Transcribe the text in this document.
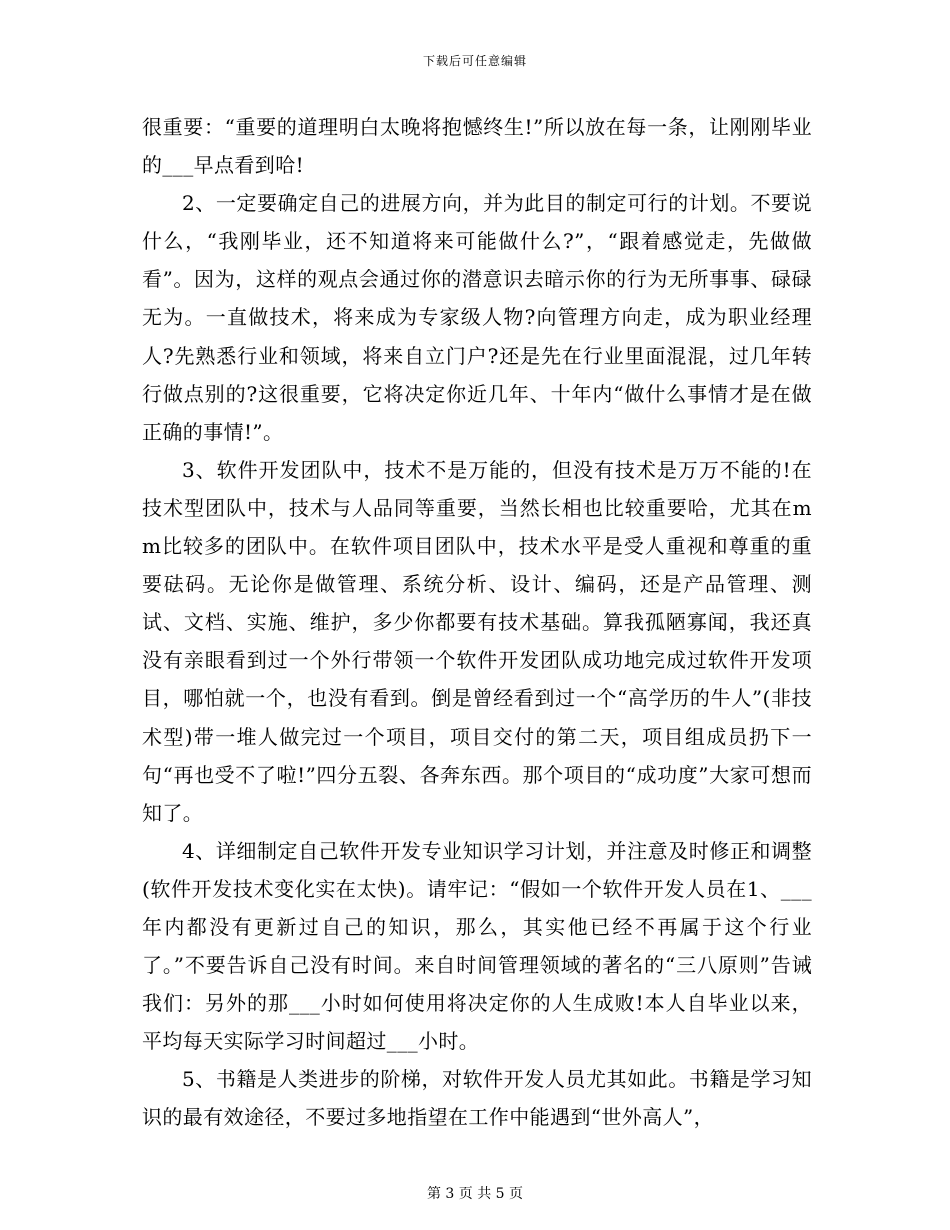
下载后可任意编辑

很重要：“重要的道理明白太晚将抱憾终生!”所以放在每一条，让刚刚毕业的___早点看到哈!

2、一定要确定自己的进展方向，并为此目的制定可行的计划。不要说什么，“我刚毕业，还不知道将来可能做什么?”，“跟着感觉走，先做做看”。因为，这样的观点会通过你的潜意识去暗示你的行为无所事事、碌碌无为。一直做技术，将来成为专家级人物?向管理方向走，成为职业经理人?先熟悉行业和领域，将来自立门户?还是先在行业里面混混，过几年转行做点别的?这很重要，它将决定你近几年、十年内“做什么事情才是在做正确的事情!”。

3、软件开发团队中，技术不是万能的，但没有技术是万万不能的!在技术型团队中，技术与人品同等重要，当然长相也比较重要哈，尤其在mm比较多的团队中。在软件项目团队中，技术水平是受人重视和尊重的重要砝码。无论你是做管理、系统分析、设计、编码，还是产品管理、测试、文档、实施、维护，多少你都要有技术基础。算我孤陋寡闻，我还真没有亲眼看到过一个外行带领一个软件开发团队成功地完成过软件开发项目，哪怕就一个，也没有看到。倒是曾经看到过一个“高学历的牛人”(非技术型)带一堆人做完过一个项目，项目交付的第二天，项目组成员扔下一句“再也受不了啦!”四分五裂、各奔东西。那个项目的“成功度”大家可想而知了。

4、详细制定自己软件开发专业知识学习计划，并注意及时修正和调整(软件开发技术变化实在太快)。请牢记：“假如一个软件开发人员在1、___年内都没有更新过自己的知识，那么，其实他已经不再属于这个行业了。”不要告诉自己没有时间。来自时间管理领域的著名的“三八原则”告诫我们：另外的那___小时如何使用将决定你的人生成败!本人自毕业以来，平均每天实际学习时间超过___小时。

5、书籍是人类进步的阶梯，对软件开发人员尤其如此。书籍是学习知识的最有效途径，不要过多地指望在工作中能遇到“世外高人”，

第 3 页 共 5 页
